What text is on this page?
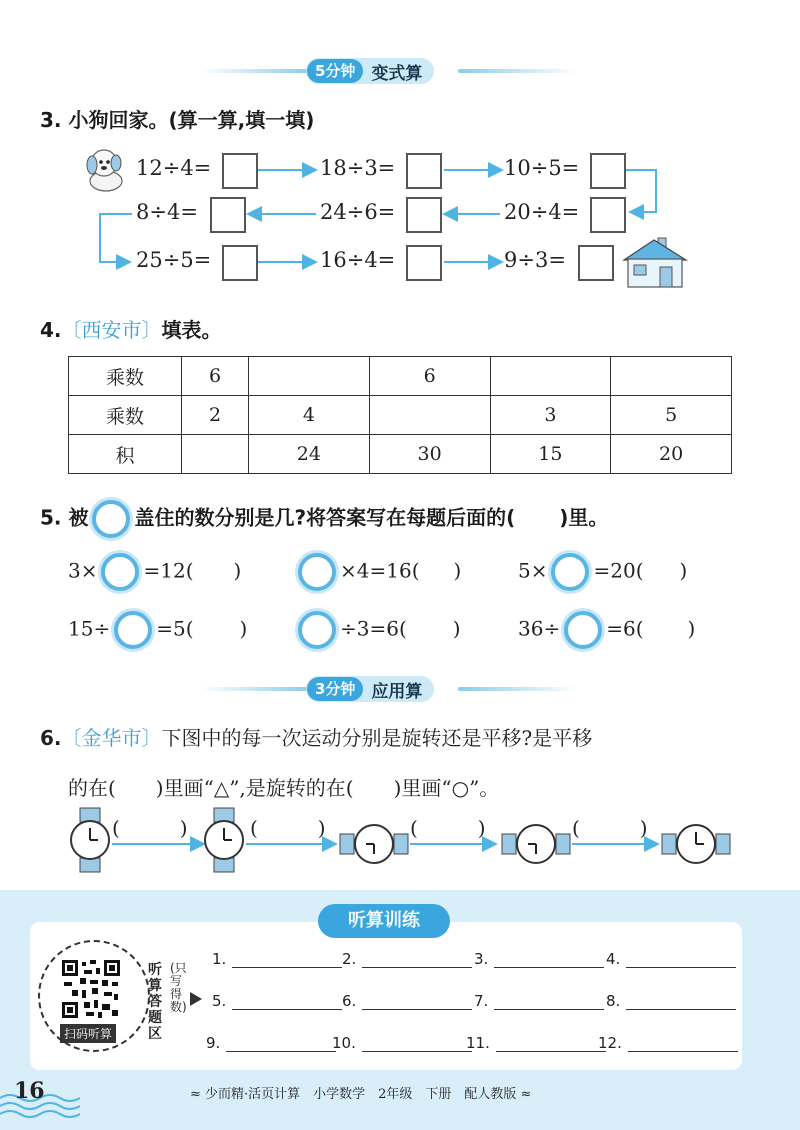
5分钟 变式算
3. 小狗回家。(算一算,填一填)
12÷4=	18÷3=	10÷5=
8÷4=	24÷6=	20÷4=
25÷5=	16÷4=	9÷3=
4.〔西安市〕填表。
乘数	6		6		
乘数	2	4		3	5
积		24	30	15	20
5. 被 盖住的数分别是几?将答案写在每题后面的( )里。
3× =12( )	×4=16( )	5× =20( )
15÷ =5( )	÷3=6( )	36÷ =6( )
3分钟 应用算
6.〔金华市〕下图中的每一次运动分别是旋转还是平移?是平移
的在(　　)里画“△”,是旋转的在(　　)里画“○”。
(　　　)	(　　　)	(　　　)	(　　　)
听算训练
扫码听算
听算答题区
(只写得数)
1.	2.	3.	4.
5.	6.	7.	8.
9.	10.	11.	12.
16	≈ 少而精·活页计算　小学数学　2年级　下册　配人教版 ≈
